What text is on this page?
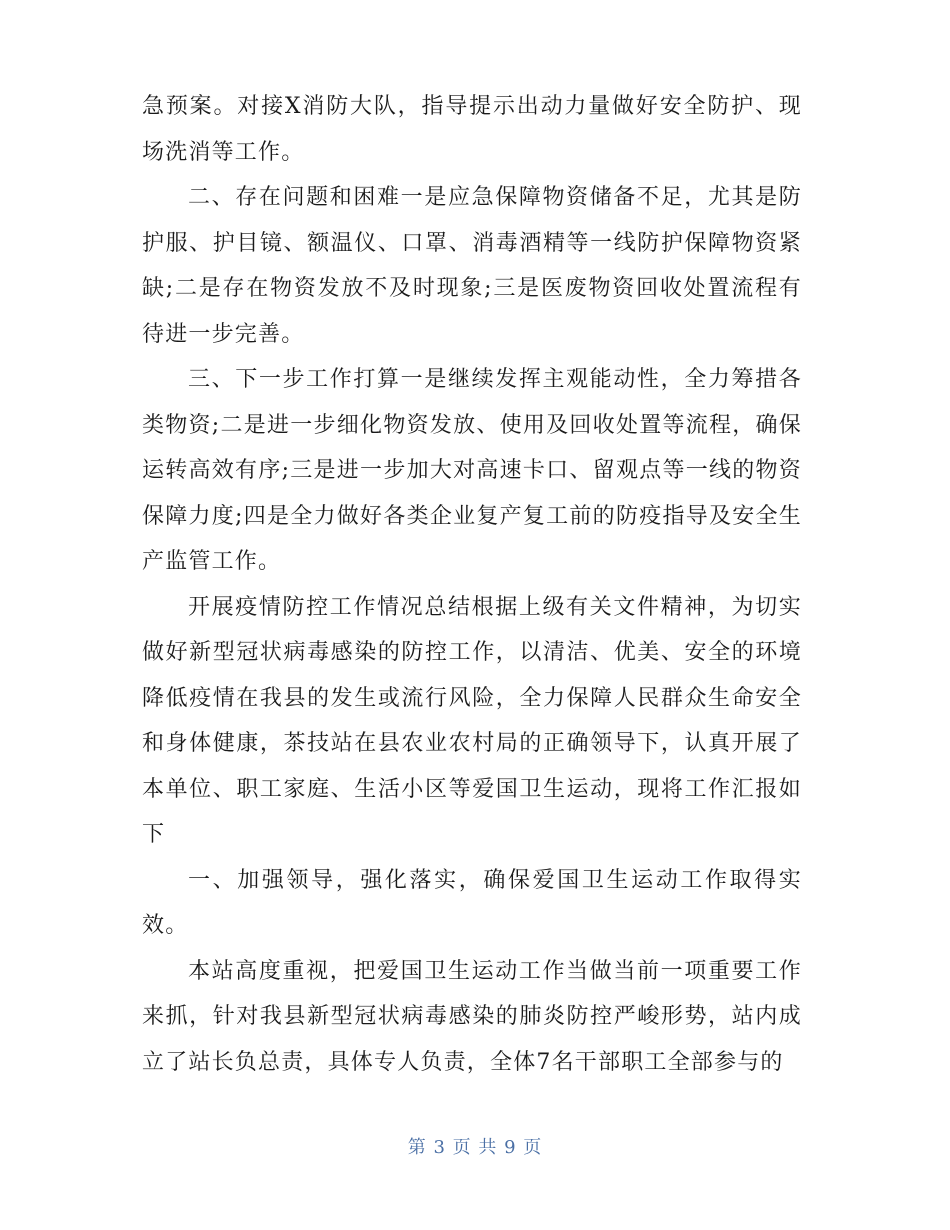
急预案。对接X消防大队，指导提示出动力量做好安全防护、现场洗消等工作。

二、存在问题和困难一是应急保障物资储备不足，尤其是防护服、护目镜、额温仪、口罩、消毒酒精等一线防护保障物资紧缺;二是存在物资发放不及时现象;三是医废物资回收处置流程有待进一步完善。

三、下一步工作打算一是继续发挥主观能动性，全力筹措各类物资;二是进一步细化物资发放、使用及回收处置等流程，确保运转高效有序;三是进一步加大对高速卡口、留观点等一线的物资保障力度;四是全力做好各类企业复产复工前的防疫指导及安全生产监管工作。

开展疫情防控工作情况总结根据上级有关文件精神，为切实做好新型冠状病毒感染的防控工作，以清洁、优美、安全的环境降低疫情在我县的发生或流行风险，全力保障人民群众生命安全和身体健康，茶技站在县农业农村局的正确领导下，认真开展了本单位、职工家庭、生活小区等爱国卫生运动，现将工作汇报如下

一、加强领导，强化落实，确保爱国卫生运动工作取得实效。

本站高度重视，把爱国卫生运动工作当做当前一项重要工作来抓，针对我县新型冠状病毒感染的肺炎防控严峻形势，站内成立了站长负总责，具体专人负责，全体7名干部职工全部参与的

第 3 页 共 9 页
